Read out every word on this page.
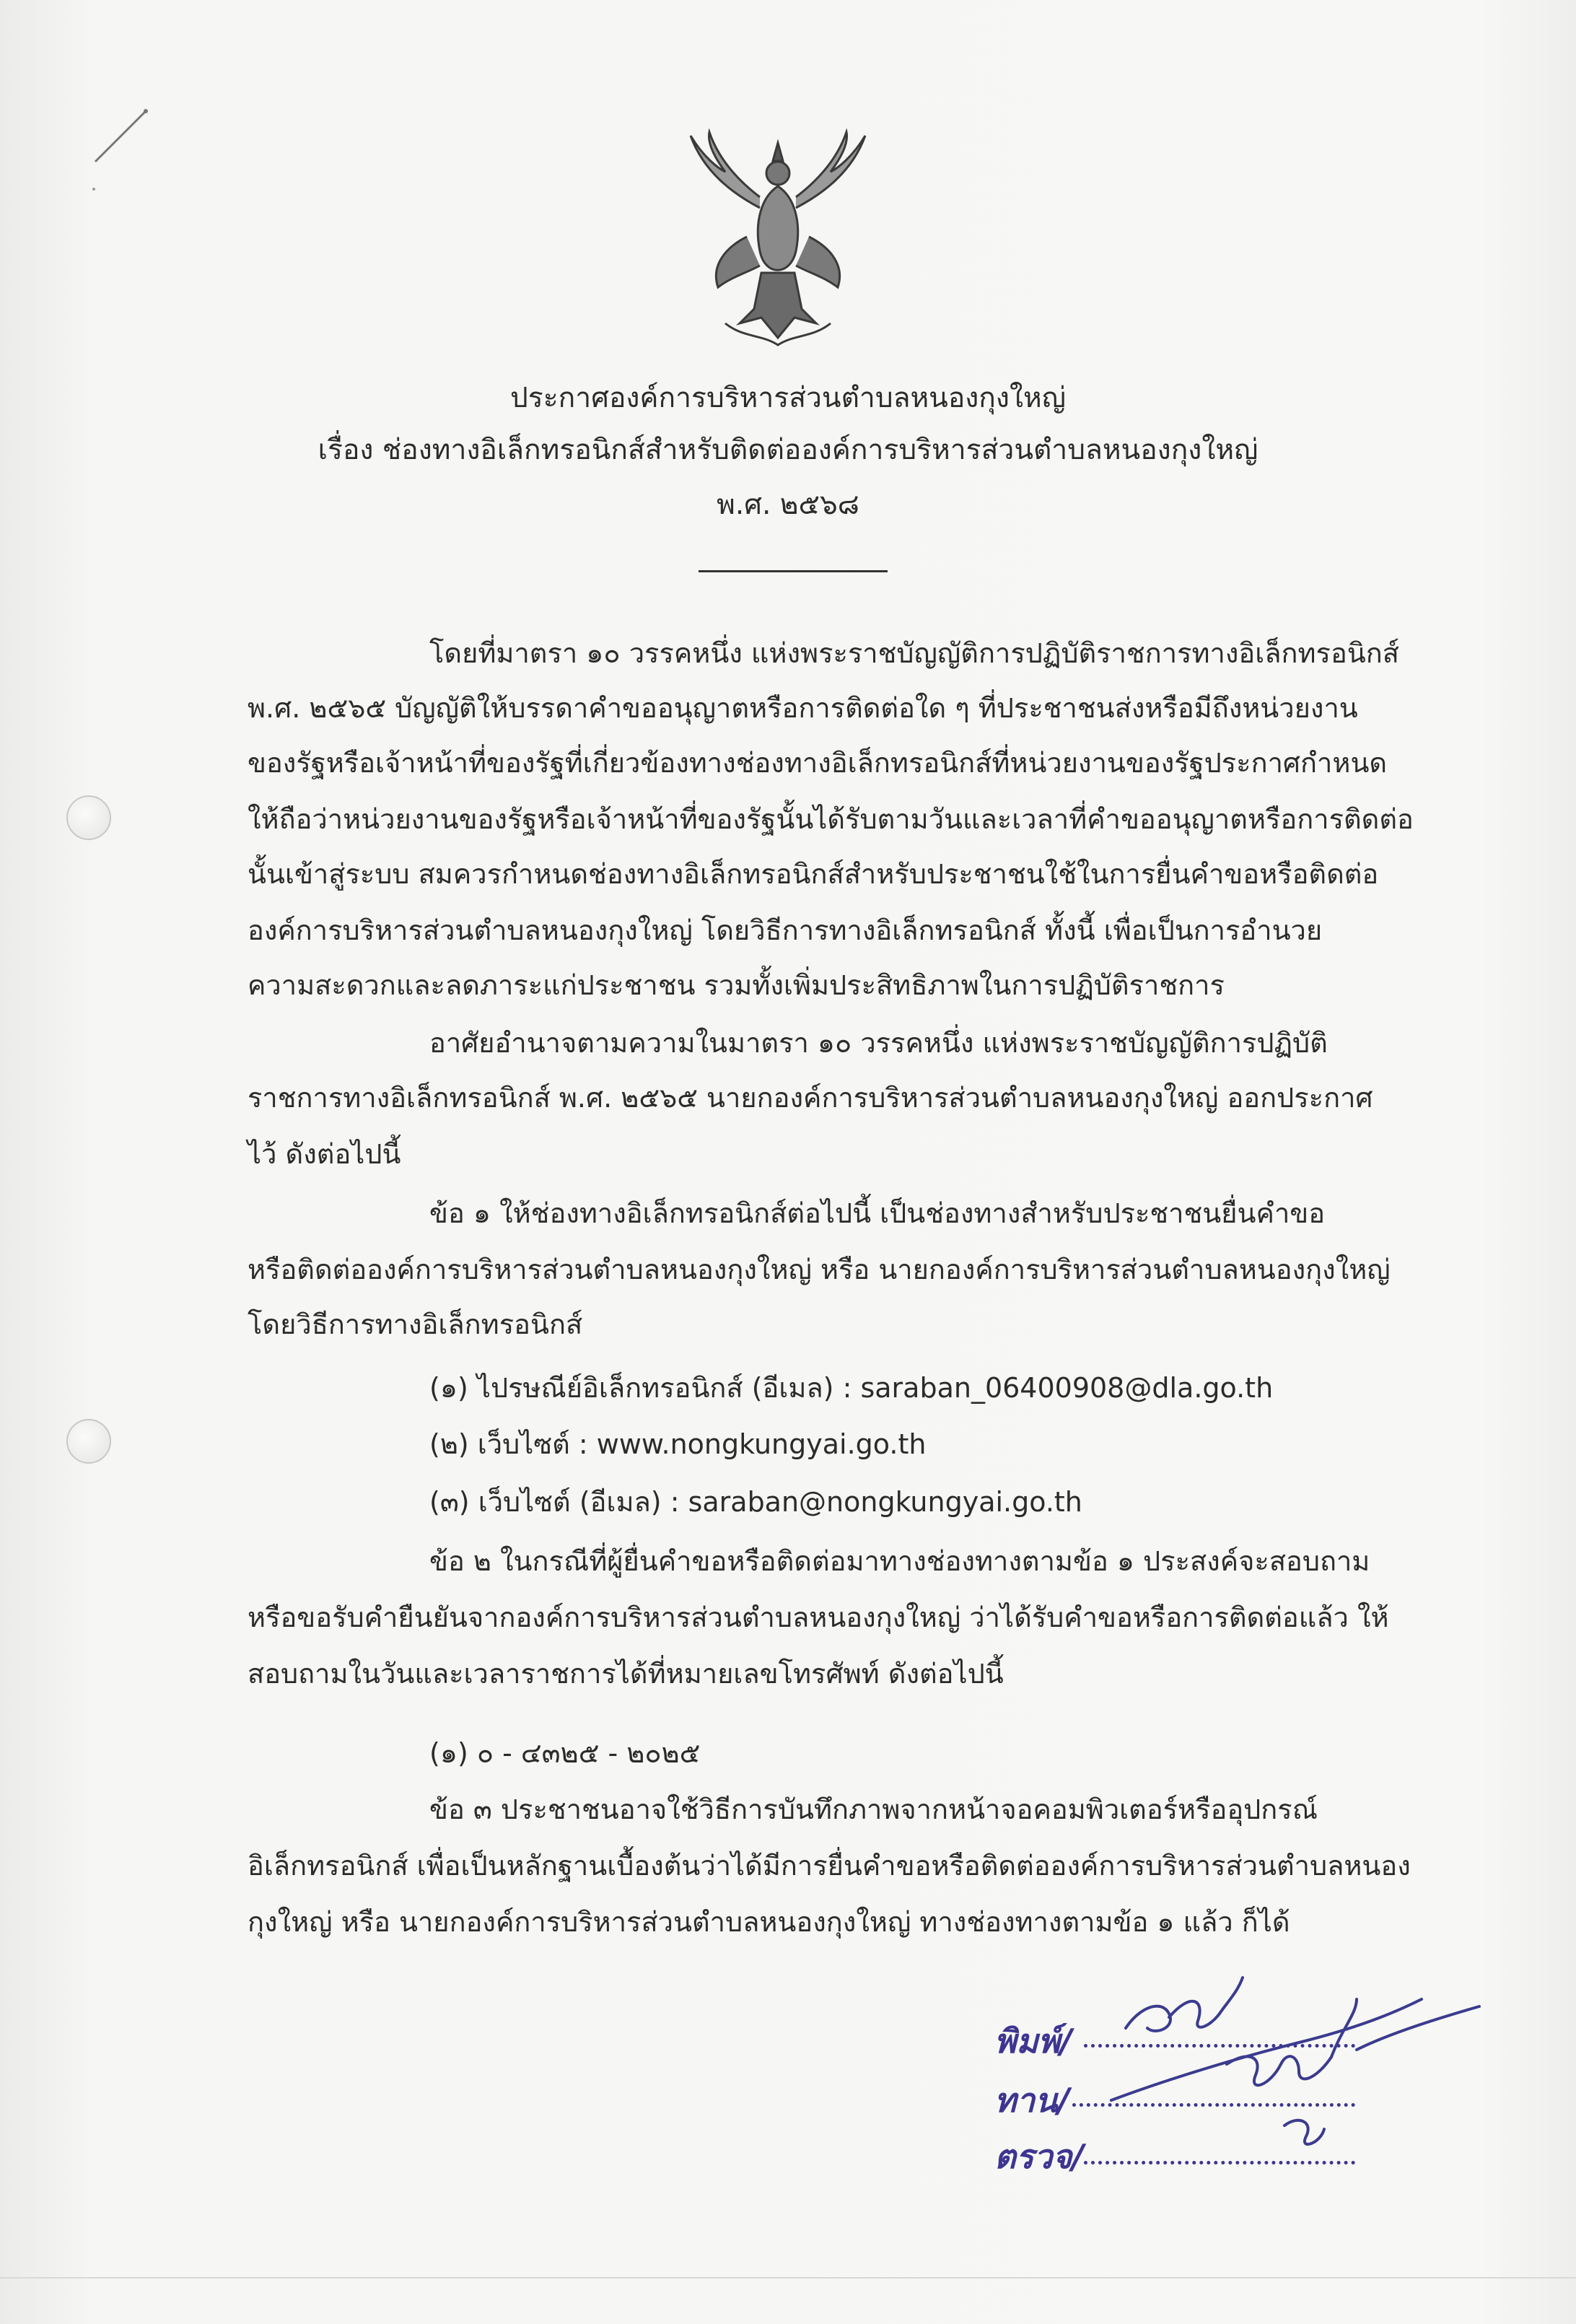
ประกาศองค์การบริหารส่วนตำบลหนองกุงใหญ่
เรื่อง ช่องทางอิเล็กทรอนิกส์สำหรับติดต่อองค์การบริหารส่วนตำบลหนองกุงใหญ่
พ.ศ. ๒๕๖๘
โดยที่มาตรา ๑๐ วรรคหนึ่ง แห่งพระราชบัญญัติการปฏิบัติราชการทางอิเล็กทรอนิกส์
พ.ศ. ๒๕๖๕ บัญญัติให้บรรดาคำขออนุญาตหรือการติดต่อใด ๆ ที่ประชาชนส่งหรือมีถึงหน่วยงาน
ของรัฐหรือเจ้าหน้าที่ของรัฐที่เกี่ยวข้องทางช่องทางอิเล็กทรอนิกส์ที่หน่วยงานของรัฐประกาศกำหนด
ให้ถือว่าหน่วยงานของรัฐหรือเจ้าหน้าที่ของรัฐนั้นได้รับตามวันและเวลาที่คำขออนุญาตหรือการติดต่อ
นั้นเข้าสู่ระบบ สมควรกำหนดช่องทางอิเล็กทรอนิกส์สำหรับประชาชนใช้ในการยื่นคำขอหรือติดต่อ
องค์การบริหารส่วนตำบลหนองกุงใหญ่ โดยวิธีการทางอิเล็กทรอนิกส์ ทั้งนี้ เพื่อเป็นการอำนวย
ความสะดวกและลดภาระแก่ประชาชน รวมทั้งเพิ่มประสิทธิภาพในการปฏิบัติราชการ
อาศัยอำนาจตามความในมาตรา ๑๐ วรรคหนึ่ง แห่งพระราชบัญญัติการปฏิบัติ
ราชการทางอิเล็กทรอนิกส์ พ.ศ. ๒๕๖๕ นายกองค์การบริหารส่วนตำบลหนองกุงใหญ่ ออกประกาศ
ไว้ ดังต่อไปนี้
ข้อ ๑ ให้ช่องทางอิเล็กทรอนิกส์ต่อไปนี้ เป็นช่องทางสำหรับประชาชนยื่นคำขอ
หรือติดต่อองค์การบริหารส่วนตำบลหนองกุงใหญ่ หรือ นายกองค์การบริหารส่วนตำบลหนองกุงใหญ่
โดยวิธีการทางอิเล็กทรอนิกส์
(๑) ไปรษณีย์อิเล็กทรอนิกส์ (อีเมล) : saraban_06400908@dla.go.th
(๒) เว็บไซต์ : www.nongkungyai.go.th
(๓) เว็บไซต์ (อีเมล) : saraban@nongkungyai.go.th
ข้อ ๒ ในกรณีที่ผู้ยื่นคำขอหรือติดต่อมาทางช่องทางตามข้อ ๑ ประสงค์จะสอบถาม
หรือขอรับคำยืนยันจากองค์การบริหารส่วนตำบลหนองกุงใหญ่ ว่าได้รับคำขอหรือการติดต่อแล้ว ให้
สอบถามในวันและเวลาราชการได้ที่หมายเลขโทรศัพท์ ดังต่อไปนี้
(๑) ๐ - ๔๓๒๕ - ๒๐๒๕
ข้อ ๓ ประชาชนอาจใช้วิธีการบันทึกภาพจากหน้าจอคอมพิวเตอร์หรืออุปกรณ์
อิเล็กทรอนิกส์ เพื่อเป็นหลักฐานเบื้องต้นว่าได้มีการยื่นคำขอหรือติดต่อองค์การบริหารส่วนตำบลหนอง
กุงใหญ่ หรือ นายกองค์การบริหารส่วนตำบลหนองกุงใหญ่ ทางช่องทางตามข้อ ๑ แล้ว ก็ได้
พิมพ์/
ทาน/
ตรวจ/
